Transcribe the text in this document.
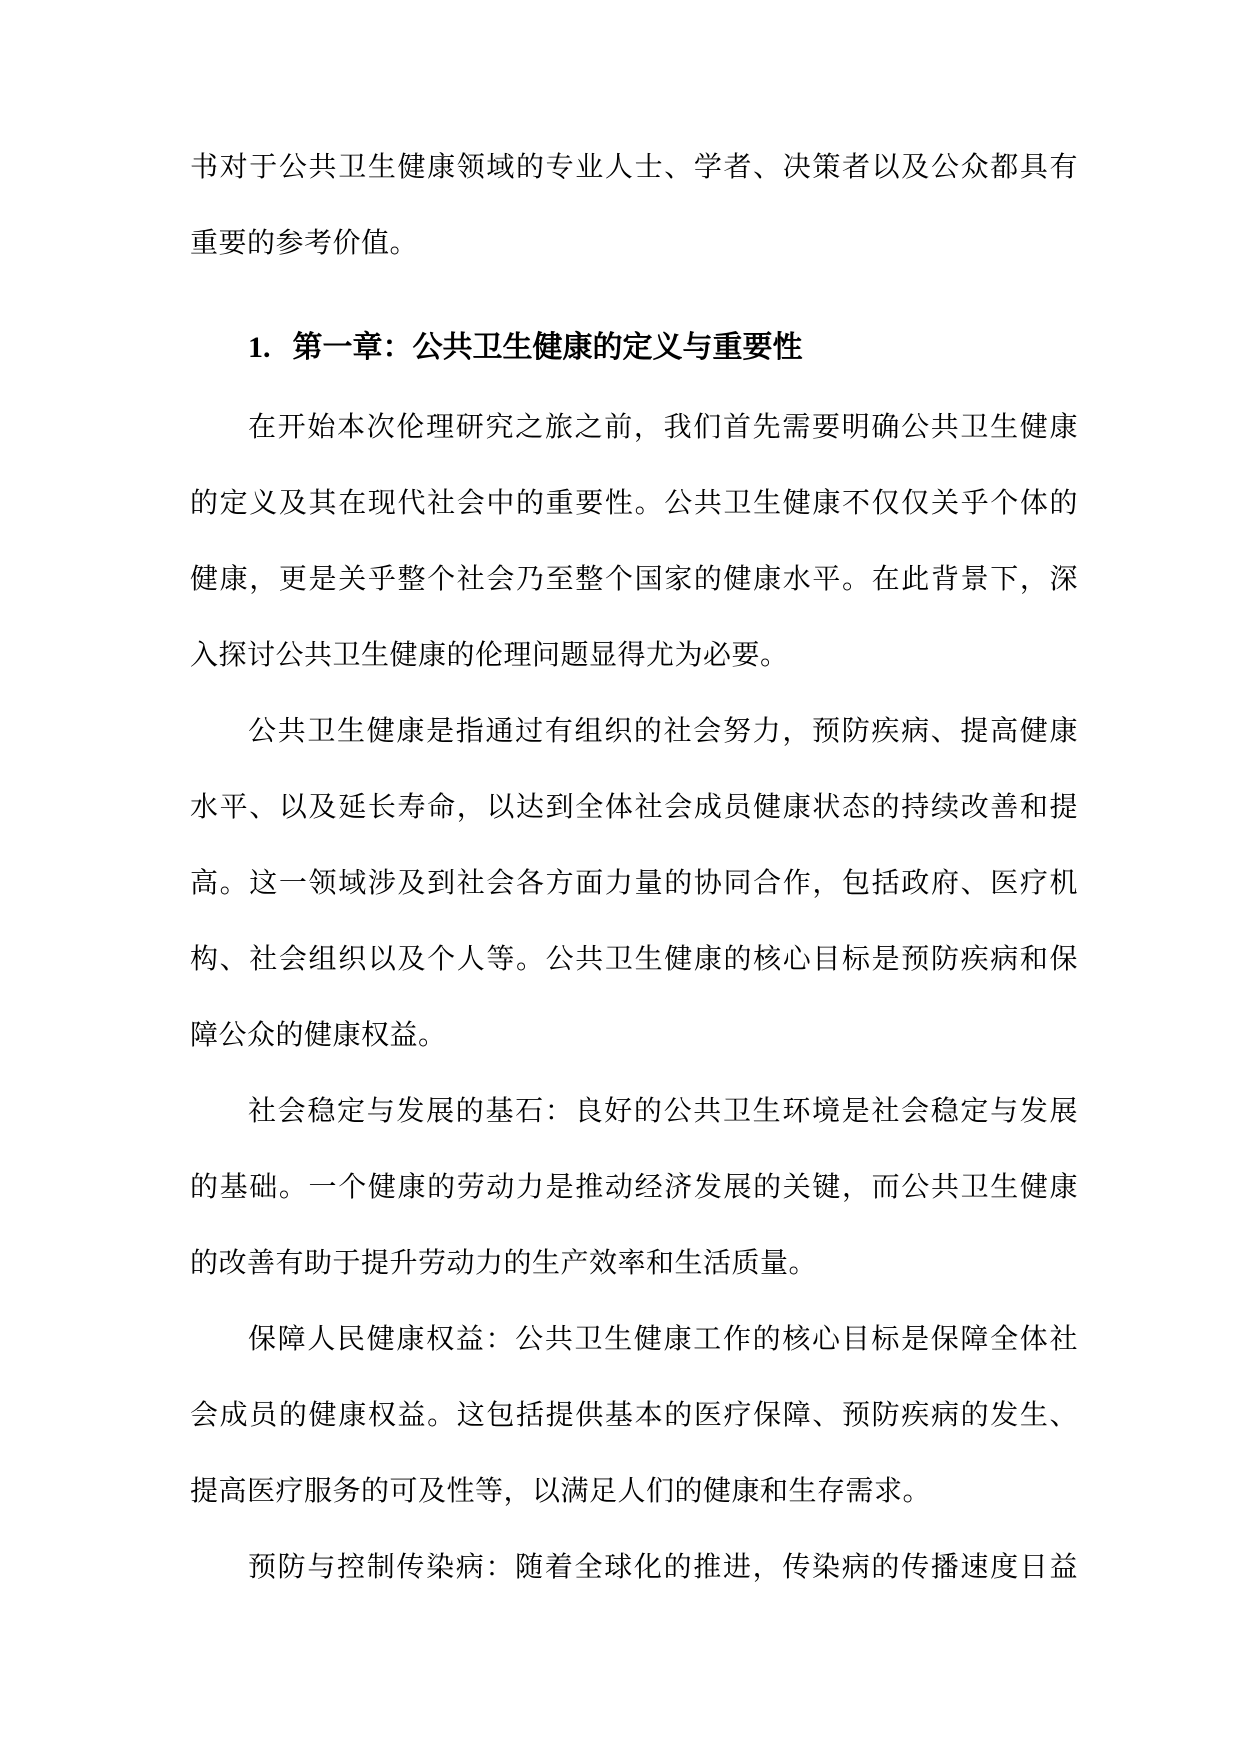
书对于公共卫生健康领域的专业人士、学者、决策者以及公众都具有
重要的参考价值。
1. 第一章：公共卫生健康的定义与重要性
在开始本次伦理研究之旅之前，我们首先需要明确公共卫生健康
的定义及其在现代社会中的重要性。公共卫生健康不仅仅关乎个体的
健康，更是关乎整个社会乃至整个国家的健康水平。在此背景下，深
入探讨公共卫生健康的伦理问题显得尤为必要。
公共卫生健康是指通过有组织的社会努力，预防疾病、提高健康
水平、以及延长寿命，以达到全体社会成员健康状态的持续改善和提
高。这一领域涉及到社会各方面力量的协同合作，包括政府、医疗机
构、社会组织以及个人等。公共卫生健康的核心目标是预防疾病和保
障公众的健康权益。
社会稳定与发展的基石：良好的公共卫生环境是社会稳定与发展
的基础。一个健康的劳动力是推动经济发展的关键，而公共卫生健康
的改善有助于提升劳动力的生产效率和生活质量。
保障人民健康权益：公共卫生健康工作的核心目标是保障全体社
会成员的健康权益。这包括提供基本的医疗保障、预防疾病的发生、
提高医疗服务的可及性等，以满足人们的健康和生存需求。
预防与控制传染病：随着全球化的推进，传染病的传播速度日益
